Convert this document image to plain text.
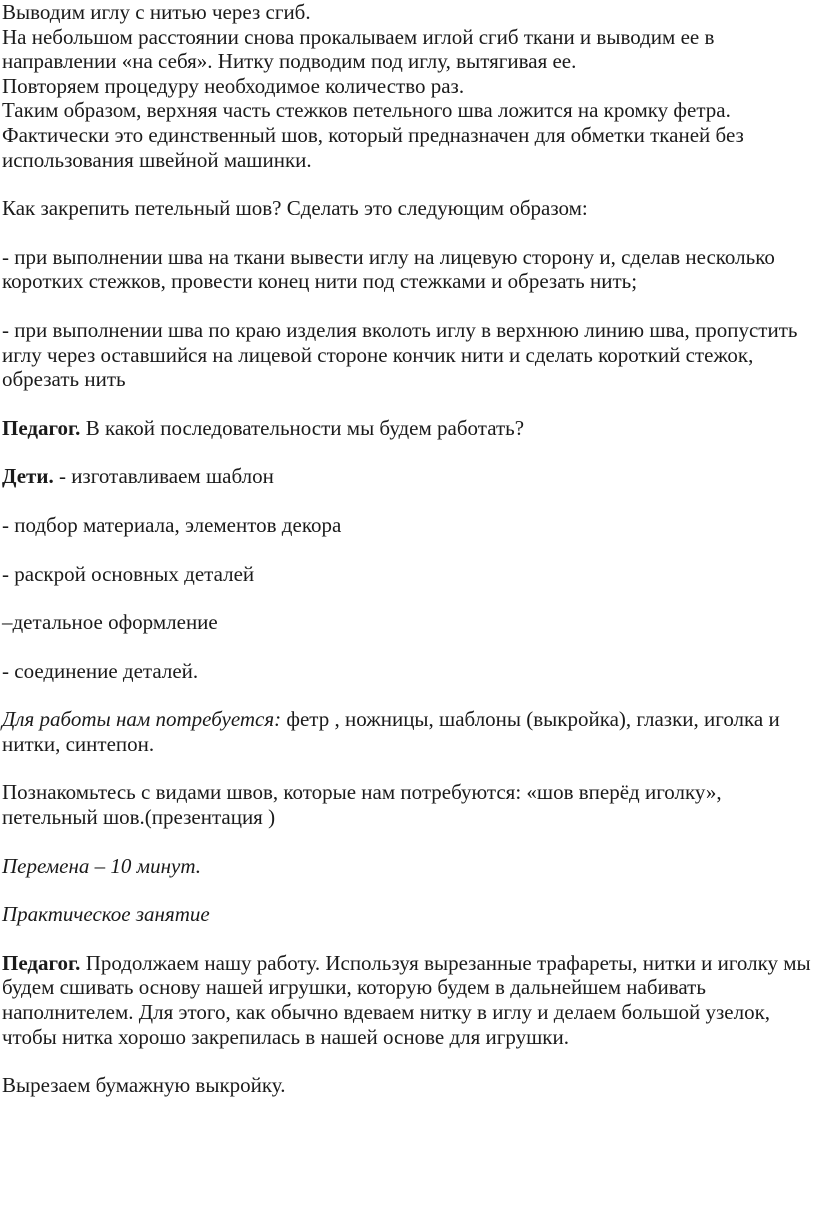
Выводим иглу с нитью через сгиб.

На небольшом расстоянии снова прокалываем иглой сгиб ткани и выводим ее в направлении «на себя». Нитку подводим под иглу, вытягивая ее.

Повторяем процедуру необходимое количество раз.

Таким образом, верхняя часть стежков петельного шва ложится на кромку фетра. Фактически это единственный шов, который предназначен для обметки тканей без использования швейной машинки.

Как закрепить петельный шов? Сделать это следующим образом:

- при выполнении шва на ткани вывести иглу на лицевую сторону и, сделав несколько коротких стежков, провести конец нити под стежками и обрезать нить;

- при выполнении шва по краю изделия вколоть иглу в верхнюю линию шва, пропустить иглу через оставшийся на лицевой стороне кончик нити и сделать короткий стежок, обрезать нить

Педагог. В какой последовательности мы будем работать?

Дети. - изготавливаем шаблон

- подбор материала, элементов декора

- раскрой основных деталей

–детальное оформление

- соединение деталей.

Для работы нам потребуется: фетр , ножницы, шаблоны (выкройка), глазки, иголка и нитки, синтепон.

Познакомьтесь с видами швов, которые нам потребуются: «шов вперёд иголку», петельный шов.(презентация )

Перемена – 10 минут.

Практическое занятие

Педагог. Продолжаем нашу работу. Используя вырезанные трафареты, нитки и иголку мы будем сшивать основу нашей игрушки, которую будем в дальнейшем набивать наполнителем. Для этого, как обычно вдеваем нитку в иглу и делаем большой узелок, чтобы нитка хорошо закрепилась в нашей основе для игрушки.

Вырезаем бумажную выкройку.
